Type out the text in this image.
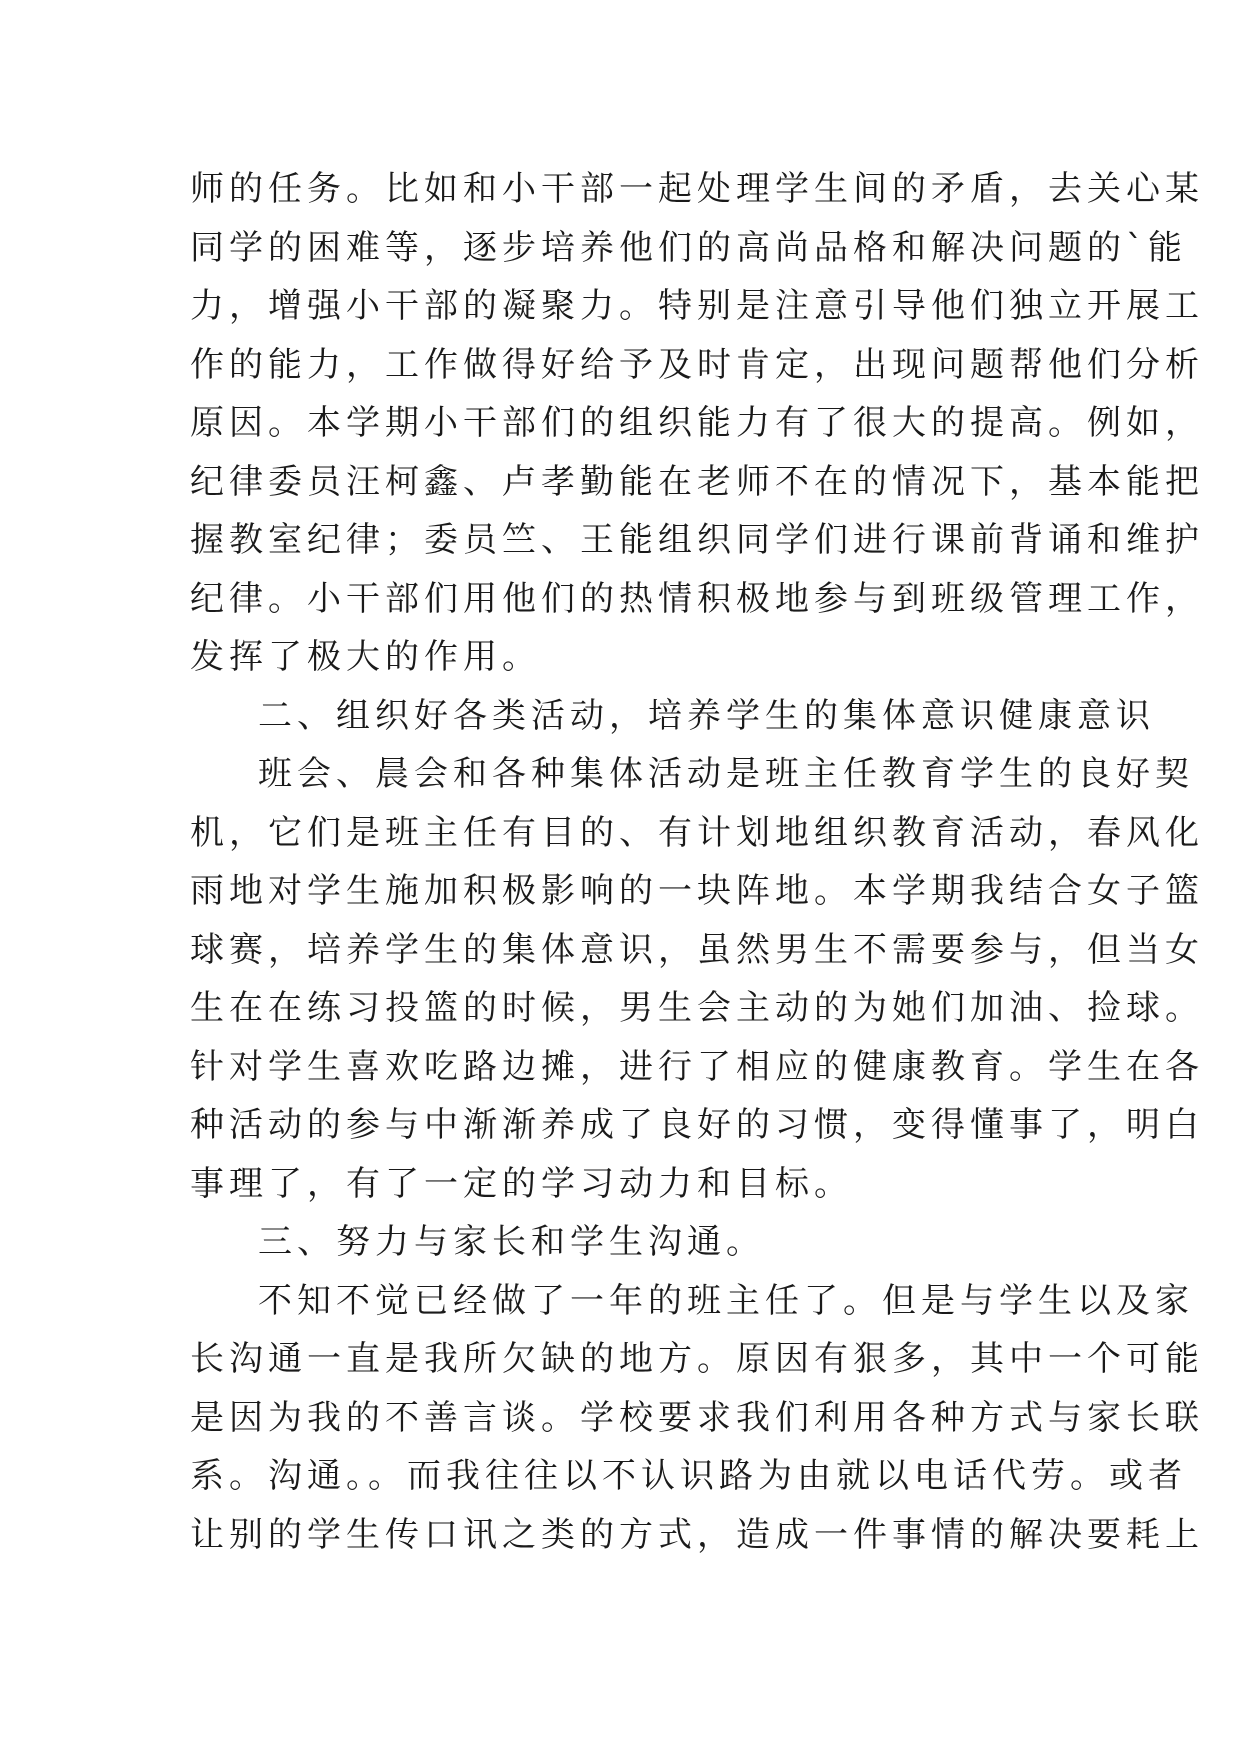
师的任务。比如和小干部一起处理学生间的矛盾，去关心某
同学的困难等，逐步培养他们的高尚品格和解决问题的`能
力，增强小干部的凝聚力。特别是注意引导他们独立开展工
作的能力，工作做得好给予及时肯定，出现问题帮他们分析
原因。本学期小干部们的组织能力有了很大的提高。例如，
纪律委员汪柯鑫、卢孝勤能在老师不在的情况下，基本能把
握教室纪律；委员竺、王能组织同学们进行课前背诵和维护
纪律。小干部们用他们的热情积极地参与到班级管理工作，
发挥了极大的作用。
二、组织好各类活动，培养学生的集体意识健康意识
班会、晨会和各种集体活动是班主任教育学生的良好契
机，它们是班主任有目的、有计划地组织教育活动，春风化
雨地对学生施加积极影响的一块阵地。本学期我结合女子篮
球赛，培养学生的集体意识，虽然男生不需要参与，但当女
生在在练习投篮的时候，男生会主动的为她们加油、捡球。
针对学生喜欢吃路边摊，进行了相应的健康教育。学生在各
种活动的参与中渐渐养成了良好的习惯，变得懂事了，明白
事理了，有了一定的学习动力和目标。
三、努力与家长和学生沟通。
不知不觉已经做了一年的班主任了。但是与学生以及家
长沟通一直是我所欠缺的地方。原因有狠多，其中一个可能
是因为我的不善言谈。学校要求我们利用各种方式与家长联
系。沟通。。而我往往以不认识路为由就以电话代劳。或者
让别的学生传口讯之类的方式，造成一件事情的解决要耗上
